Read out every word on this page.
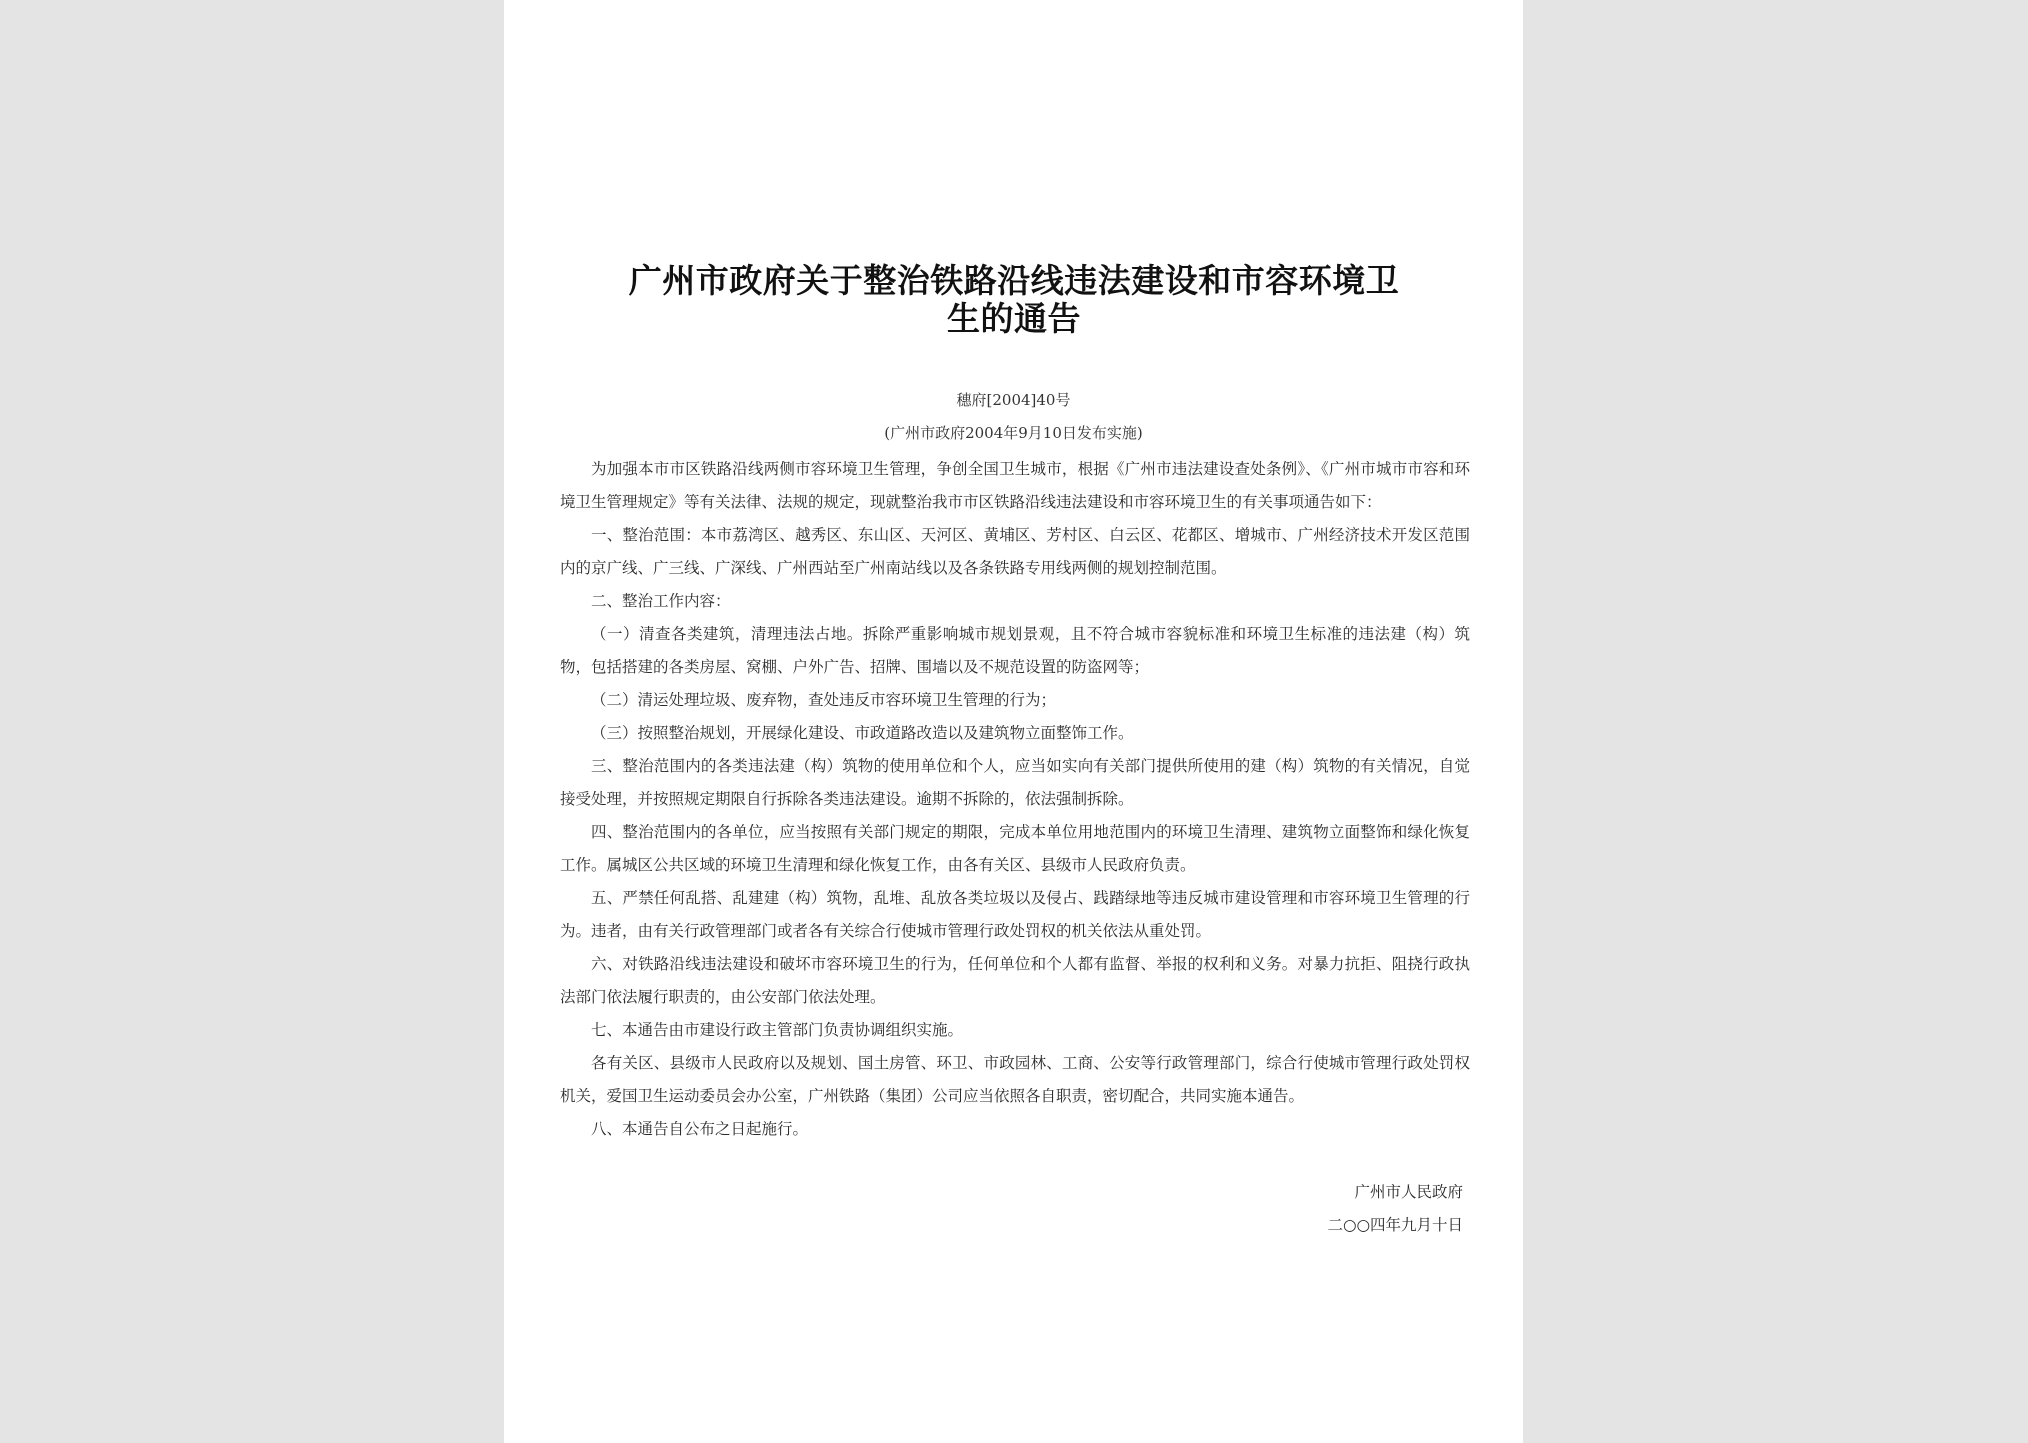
广州市政府关于整治铁路沿线违法建设和市容环境卫
生的通告
穗府[2004]40号
(广州市政府2004年9月10日发布实施)

为加强本市市区铁路沿线两侧市容环境卫生管理，争创全国卫生城市，根据《广州市违法建设查处条例》、《广州市城市市容和环境卫生管理规定》等有关法律、法规的规定，现就整治我市市区铁路沿线违法建设和市容环境卫生的有关事项通告如下：

一、整治范围：本市荔湾区、越秀区、东山区、天河区、黄埔区、芳村区、白云区、花都区、增城市、广州经济技术开发区范围内的京广线、广三线、广深线、广州西站至广州南站线以及各条铁路专用线两侧的规划控制范围。

二、整治工作内容：

（一）清查各类建筑，清理违法占地。拆除严重影响城市规划景观，且不符合城市容貌标准和环境卫生标准的违法建（构）筑物，包括搭建的各类房屋、窝棚、户外广告、招牌、围墙以及不规范设置的防盗网等；

（二）清运处理垃圾、废弃物，查处违反市容环境卫生管理的行为；

（三）按照整治规划，开展绿化建设、市政道路改造以及建筑物立面整饰工作。

三、整治范围内的各类违法建（构）筑物的使用单位和个人，应当如实向有关部门提供所使用的建（构）筑物的有关情况，自觉接受处理，并按照规定期限自行拆除各类违法建设。逾期不拆除的，依法强制拆除。

四、整治范围内的各单位，应当按照有关部门规定的期限，完成本单位用地范围内的环境卫生清理、建筑物立面整饰和绿化恢复工作。属城区公共区域的环境卫生清理和绿化恢复工作，由各有关区、县级市人民政府负责。

五、严禁任何乱搭、乱建建（构）筑物，乱堆、乱放各类垃圾以及侵占、践踏绿地等违反城市建设管理和市容环境卫生管理的行为。违者，由有关行政管理部门或者各有关综合行使城市管理行政处罚权的机关依法从重处罚。

六、对铁路沿线违法建设和破坏市容环境卫生的行为，任何单位和个人都有监督、举报的权利和义务。对暴力抗拒、阻挠行政执法部门依法履行职责的，由公安部门依法处理。

七、本通告由市建设行政主管部门负责协调组织实施。

各有关区、县级市人民政府以及规划、国土房管、环卫、市政园林、工商、公安等行政管理部门，综合行使城市管理行政处罚权机关，爱国卫生运动委员会办公室，广州铁路（集团）公司应当依照各自职责，密切配合，共同实施本通告。

八、本通告自公布之日起施行。

广州市人民政府
二○○四年九月十日
